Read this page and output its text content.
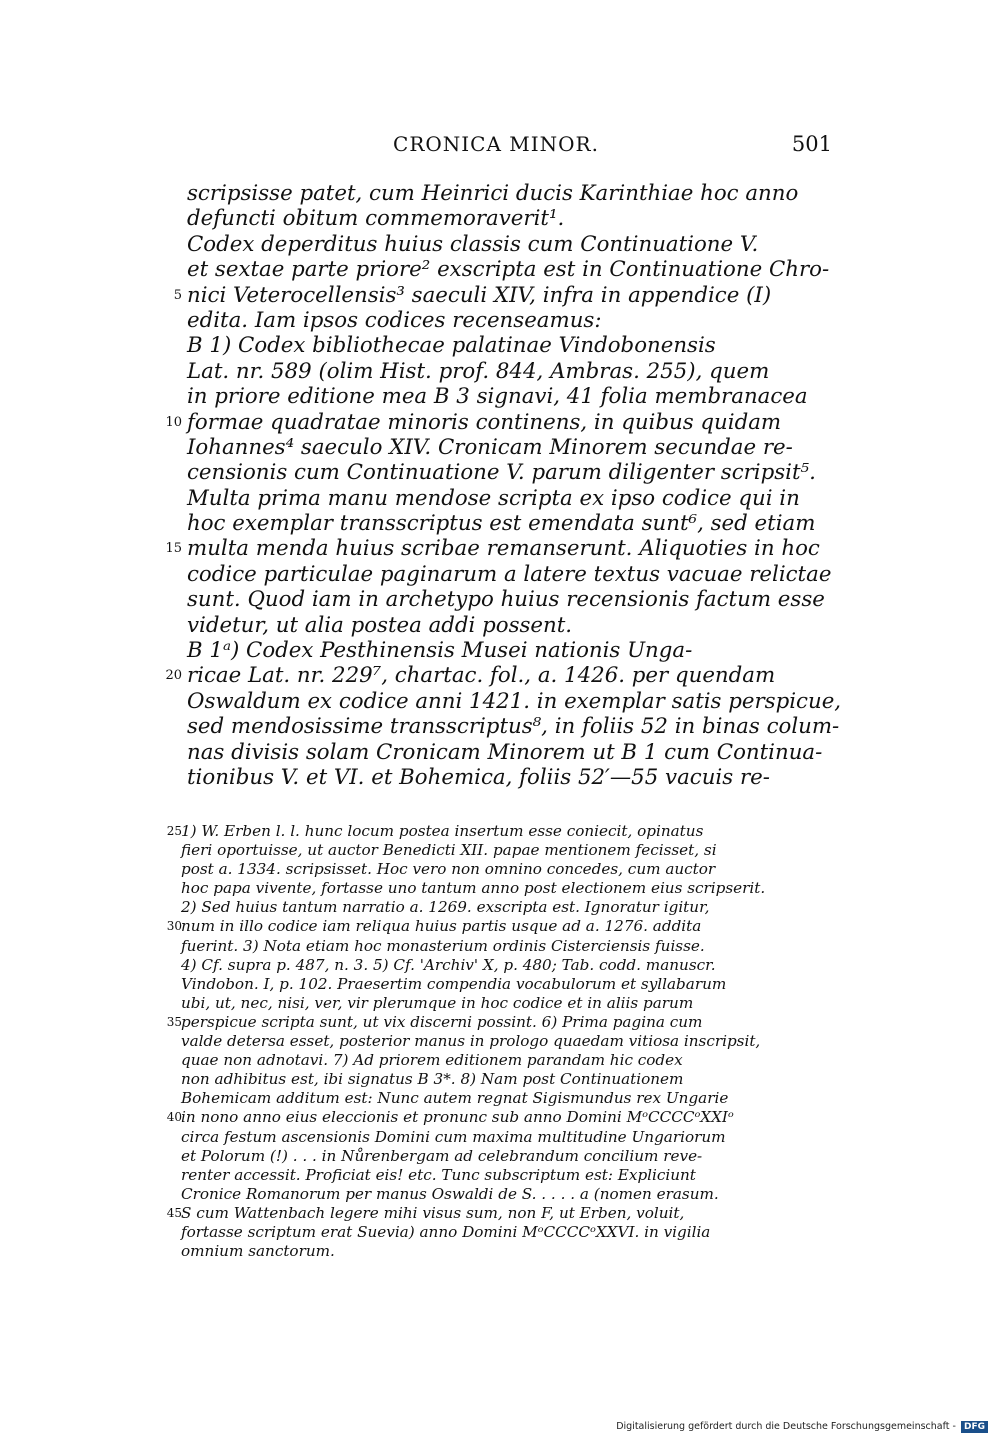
CRONICA MINOR.	501
scripsisse patet, cum Heinrici ducis Karinthiae hoc anno
defuncti obitum commemoraverit¹.
Codex deperditus huius classis cum Continuatione V.
et sextae parte priore² exscripta est in Continuatione Chro-
5 nici Veterocellensis³ saeculi XIV, infra in appendice (I)
edita. Iam ipsos codices recenseamus:
B 1) Codex bibliothecae palatinae Vindobonensis
Lat. nr. 589 (olim Hist. prof. 844, Ambras. 255), quem
in priore editione mea B 3 signavi, 41 folia membranacea
10 formae quadratae minoris continens, in quibus quidam
Iohannes⁴ saeculo XIV. Cronicam Minorem secundae re-
censionis cum Continuatione V. parum diligenter scripsit⁵.
Multa prima manu mendose scripta ex ipso codice qui in
hoc exemplar transscriptus est emendata sunt⁶, sed etiam
15 multa menda huius scribae remanserunt. Aliquoties in hoc
codice particulae paginarum a latere textus vacuae relictae
sunt. Quod iam in archetypo huius recensionis factum esse
videtur, ut alia postea addi possent.
B 1ᵃ) Codex Pesthinensis Musei nationis Unga-
20 ricae Lat. nr. 229⁷, chartac. fol., a. 1426. per quendam
Oswaldum ex codice anni 1421. in exemplar satis perspicue,
sed mendosissime transscriptus⁸, in foliis 52 in binas colum-
nas divisis solam Cronicam Minorem ut B 1 cum Continua-
tionibus V. et VI. et Bohemica, foliis 52′—55 vacuis re-
25 1) W. Erben l. l. hunc locum postea insertum esse coniecit, opinatus
fieri oportuisse, ut auctor Benedicti XII. papae mentionem fecisset, si
post a. 1334. scripsisset. Hoc vero non omnino concedes, cum auctor
hoc papa vivente, fortasse uno tantum anno post electionem eius scripserit.
2) Sed huius tantum narratio a. 1269. exscripta est. Ignoratur igitur,
30 num in illo codice iam reliqua huius partis usque ad a. 1276. addita
fuerint. 3) Nota etiam hoc monasterium ordinis Cisterciensis fuisse.
4) Cf. supra p. 487, n. 3. 5) Cf. 'Archiv' X, p. 480; Tab. codd. manuscr.
Vindobon. I, p. 102. Praesertim compendia vocabulorum et syllabarum
ubi, ut, nec, nisi, ver, vir plerumque in hoc codice et in aliis parum
35 perspicue scripta sunt, ut vix discerni possint. 6) Prima pagina cum
valde detersa esset, posterior manus in prologo quaedam vitiosa inscripsit,
quae non adnotavi. 7) Ad priorem editionem parandam hic codex
non adhibitus est, ibi signatus B 3*. 8) Nam post Continuationem
Bohemicam additum est: Nunc autem regnat Sigismundus rex Ungarie
40 in nono anno eius eleccionis et pronunc sub anno Domini MᵒCCCCᵒXXIᵒ
circa festum ascensionis Domini cum maxima multitudine Ungariorum
et Polorum (!) . . . in Nůrenbergam ad celebrandum concilium reve-
renter accessit. Proficiat eis! etc. Tunc subscriptum est: Expliciunt
Cronice Romanorum per manus Oswaldi de S. . . . . a (nomen erasum.
45 S cum Wattenbach legere mihi visus sum, non F, ut Erben, voluit,
fortasse scriptum erat Suevia) anno Domini MᵒCCCCᵒXXVI. in vigilia
omnium sanctorum.
Digitalisierung gefördert durch die Deutsche Forschungsgemeinschaft - DFG
